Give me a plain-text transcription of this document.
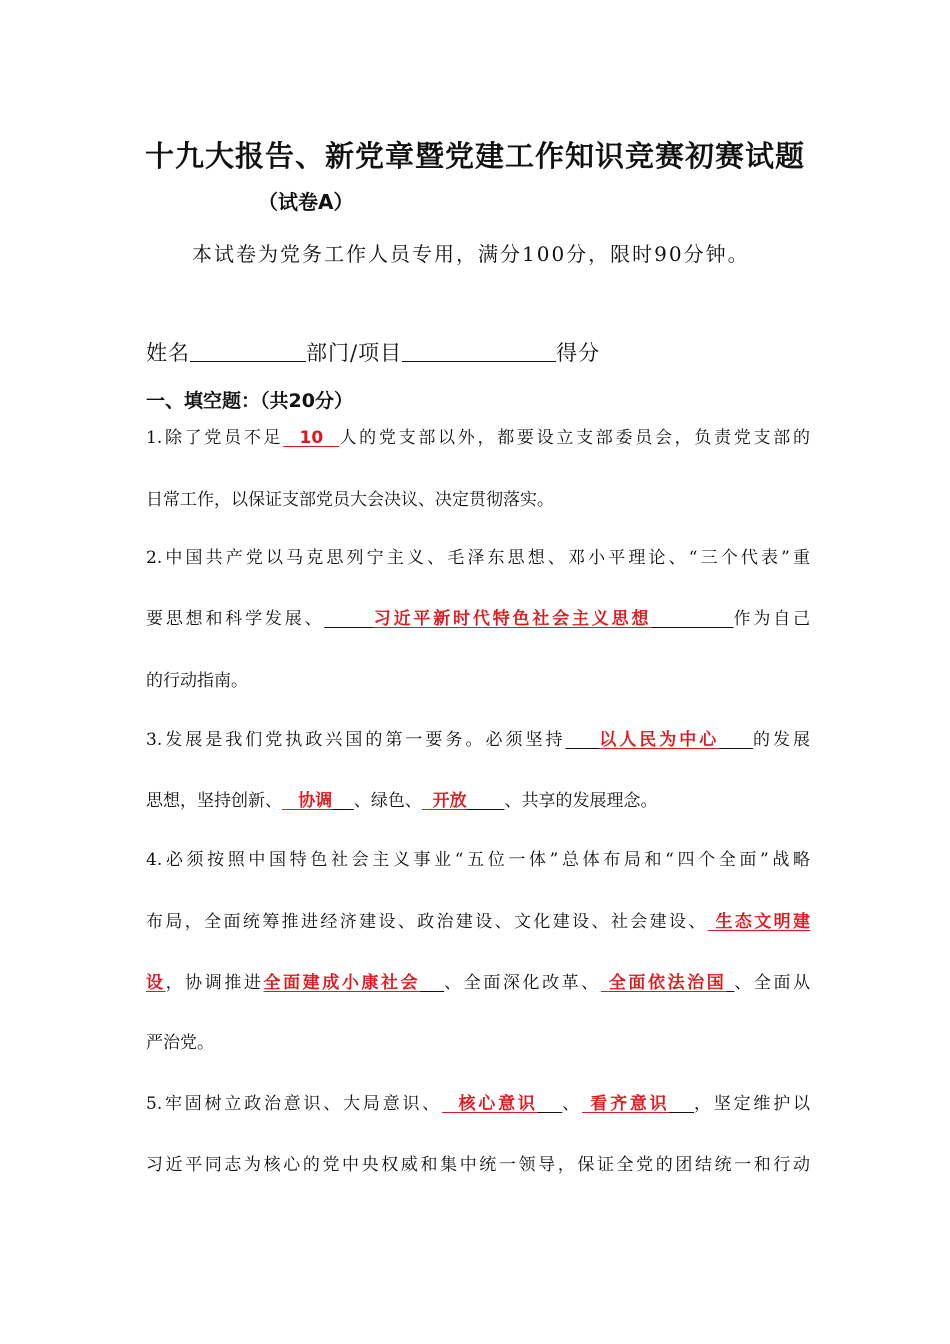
十九大报告、新党章暨党建工作知识竞赛初赛试题
（试卷A）
本试卷为党务工作人员专用，满分100分，限时90分钟。
姓名	部门/项目	得分
一、填空题：（共20分）
1.除了党员不足 10 人的党支部以外，都要设立支部委员会，负责党支部的
日常工作，以保证支部党员大会决议、决定贯彻落实。
2.中国共产党以马克思列宁主义、毛泽东思想、邓小平理论、“三个代表”重
要思想和科学发展、	习近平新时代特色社会主义思想	作为自己
的行动指南。
3.发展是我们党执政兴国的第一要务。必须坚持 以人民为中心 的发展
思想，坚持创新、 协调 、绿色、 开放 、共享的发展理念。
4.必须按照中国特色社会主义事业“五位一体”总体布局和“四个全面”战略
布局，全面统筹推进经济建设、政治建设、文化建设、社会建设、 生态文明建
设，协调推进全面建成小康社会 、全面深化改革、 全面依法治国 、全面从
严治党。
5.牢固树立政治意识、大局意识、 核心意识 、 看齐意识 ，坚定维护以
习近平同志为核心的党中央权威和集中统一领导，保证全党的团结统一和行动
